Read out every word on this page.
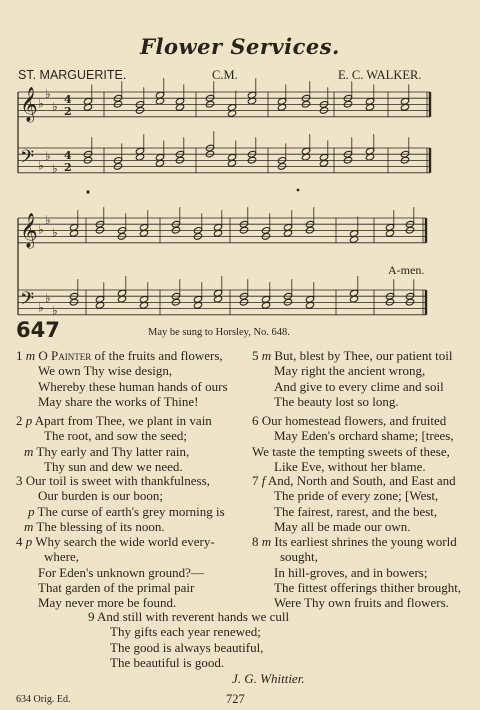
Flower Services.
ST. MARGUERITE.	C.M.	E. C. WALKER.
𝄞
𝄢
♭
♭
♭
♭
♭
♭
4
2
4
2
𝄞
𝄢
♭
♭
♭
♭
♭
♭
A-men.
647	May be sung to Horsley, No. 648.
1 m O Painter of the fruits and flowers,
We own Thy wise design,
Whereby these human hands of ours
May share the works of Thine!
2 p Apart from Thee, we plant in vain
The root, and sow the seed;
m Thy early and Thy latter rain,
Thy sun and dew we need.
3 Our toil is sweet with thankfulness,
Our burden is our boon;
p The curse of earth's grey morning is
m The blessing of its noon.
4 p Why search the wide world every-
where,
For Eden's unknown ground?—
That garden of the primal pair
May never more be found.
5 m But, blest by Thee, our patient toil
May right the ancient wrong,
And give to every clime and soil
The beauty lost so long.
6 Our homestead flowers, and fruited
May Eden's orchard shame; [trees,
We taste the tempting sweets of these,
Like Eve, without her blame.
7 f And, North and South, and East and
The pride of every zone; [West,
The fairest, rarest, and the best,
May all be made our own.
8 m Its earliest shrines the young world
sought,
In hill-groves, and in bowers;
The fittest offerings thither brought,
Were Thy own fruits and flowers.
9 And still with reverent hands we cull
Thy gifts each year renewed;
The good is always beautiful,
The beautiful is good.
J. G. Whittier.
634 Orig. Ed.	727
